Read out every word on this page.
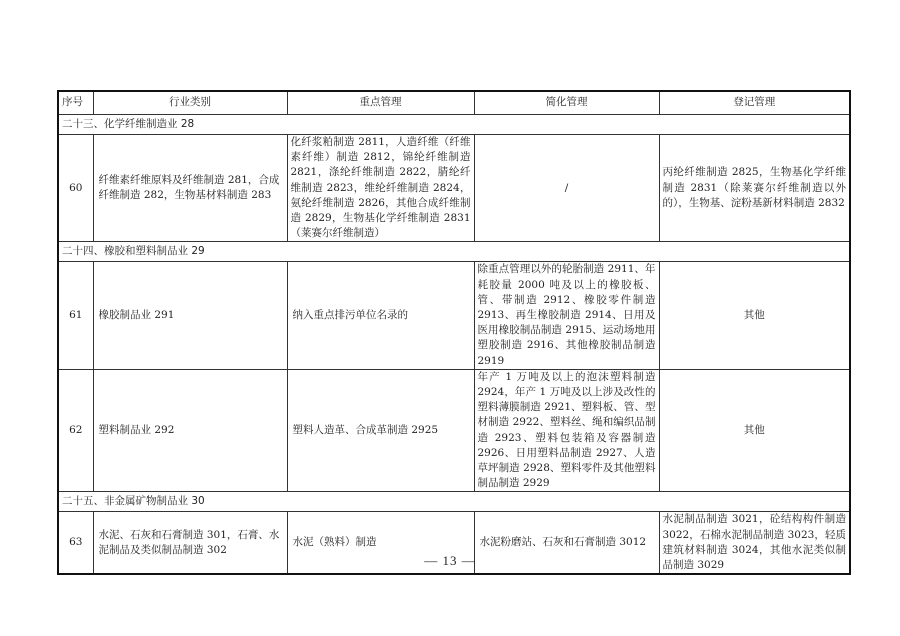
序号	行业类别	重点管理	简化管理	登记管理
二十三、化学纤维制造业 28				
60	纤维素纤维原料及纤维制造 281，合成纤维制造 282，生物基材料制造 283	化纤浆粕制造 2811，人造纤维（纤维素纤维）制造 2812，锦纶纤维制造 2821，涤纶纤维制造 2822，腈纶纤维制造 2823，维纶纤维制造 2824，氨纶纤维制造 2826，其他合成纤维制造 2829，生物基化学纤维制造 2831（莱赛尔纤维制造）	/	丙纶纤维制造 2825，生物基化学纤维制造 2831（除莱赛尔纤维制造以外的），生物基、淀粉基新材料制造 2832
二十四、橡胶和塑料制品业 29				
61	橡胶制品业 291	纳入重点排污单位名录的	除重点管理以外的轮胎制造 2911、年耗胶量 2000 吨及以上的橡胶板、管、带制造 2912、橡胶零件制造 2913、再生橡胶制造 2914、日用及医用橡胶制品制造 2915、运动场地用塑胶制造 2916、其他橡胶制品制造 2919	其他
62	塑料制品业 292	塑料人造革、合成革制造 2925	年产 1 万吨及以上的泡沫塑料制造 2924，年产 1 万吨及以上涉及改性的塑料薄膜制造 2921、塑料板、管、型材制造 2922、塑料丝、绳和编织品制造 2923、塑料包装箱及容器制造 2926、日用塑料品制造 2927、人造草坪制造 2928、塑料零件及其他塑料制品制造 2929	其他
二十五、非金属矿物制品业 30				
63	水泥、石灰和石膏制造 301，石膏、水泥制品及类似制品制造 302	水泥（熟料）制造	水泥粉磨站、石灰和石膏制造 3012	水泥制品制造 3021，砼结构构件制造 3022，石棉水泥制品制造 3023，轻质建筑材料制造 3024，其他水泥类似制品制造 3029
— 13 —
